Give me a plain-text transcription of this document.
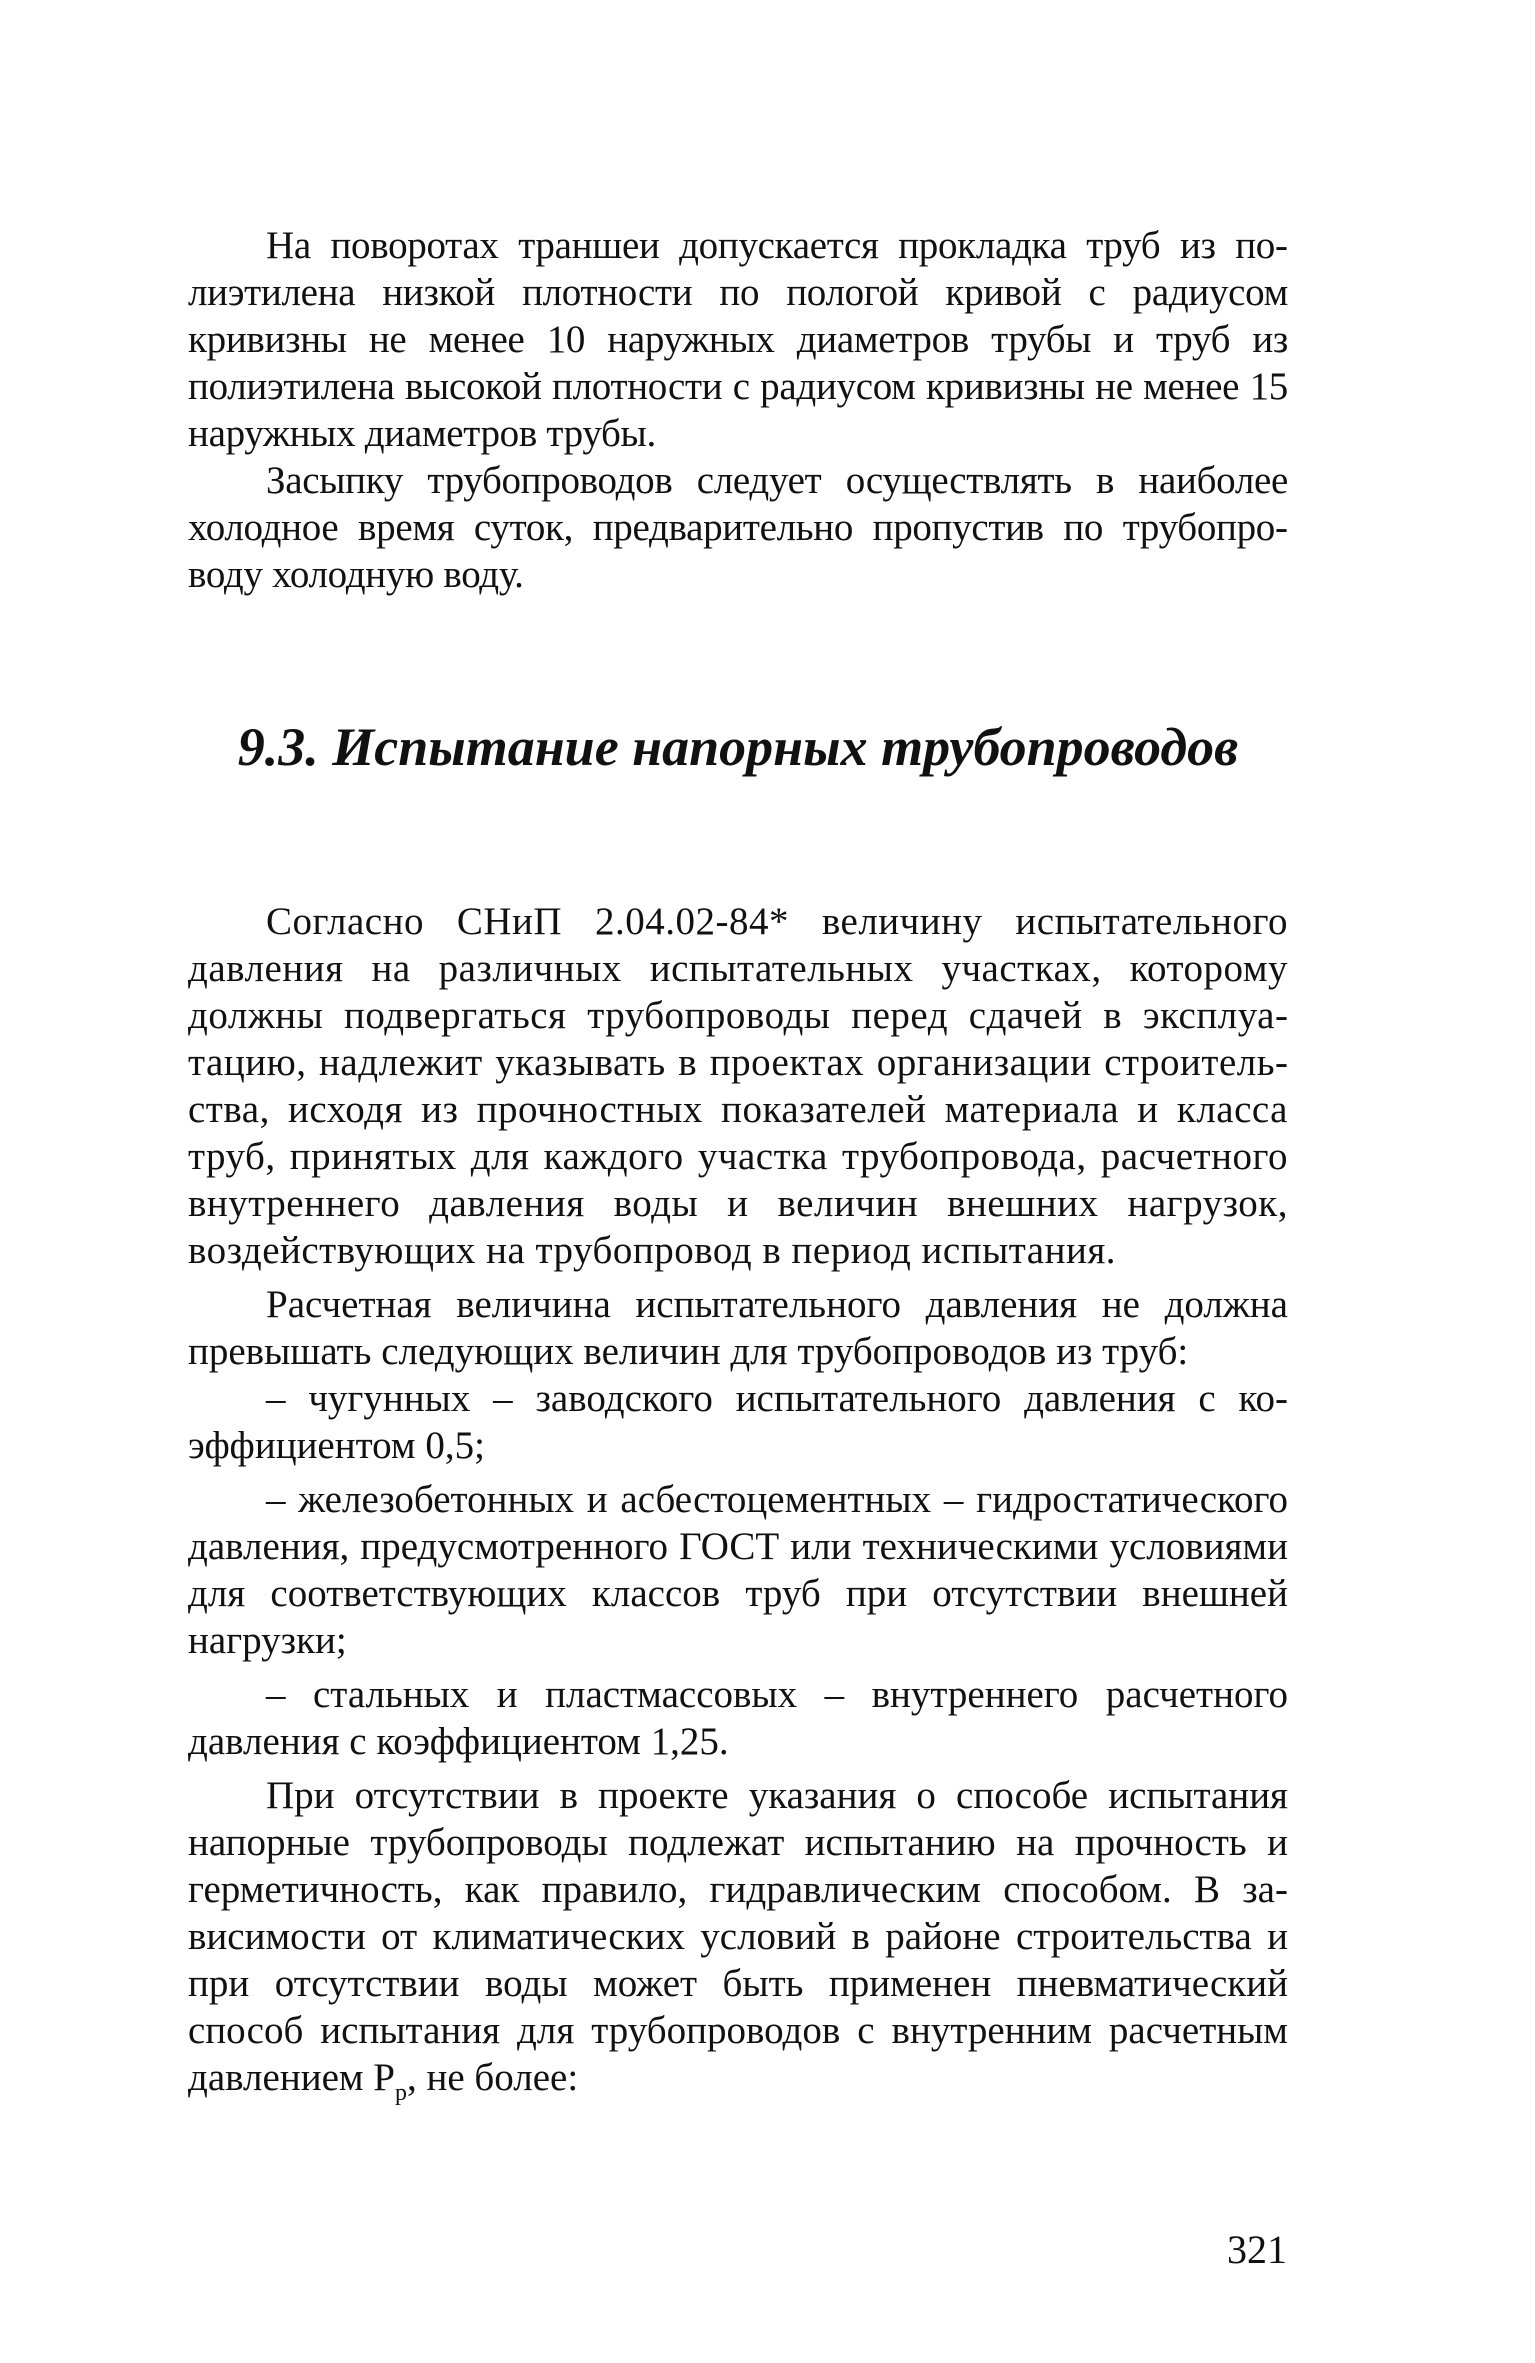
На поворотах траншеи допускается прокладка труб из полиэтилена низкой плотности по пологой кривой с радиусом кривизны не менее 10 наружных диаметров трубы и труб из полиэтилена высокой плотности с радиусом кривизны не менее 15 наружных диаметров трубы.

Засыпку трубопроводов следует осуществлять в наиболее холодное время суток, предварительно пропустив по трубопроводу холодную воду.

9.3. Испытание напорных трубопроводов

Согласно СНиП 2.04.02-84* величину испытательного давления на различных испытательных участках, которому должны подвергаться трубопроводы перед сдачей в эксплуатацию, надлежит указывать в проектах организации строительства, исходя из прочностных показателей материала и класса труб, принятых для каждого участка трубопровода, расчетного внутреннего давления воды и величин внешних нагрузок, воздействующих на трубопровод в период испытания.

Расчетная величина испытательного давления не должна превышать следующих величин для трубопроводов из труб:

– чугунных – заводского испытательного давления с коэффициентом 0,5;

– железобетонных и асбестоцементных – гидростатического давления, предусмотренного ГОСТ или техническими условиями для соответствующих классов труб при отсутствии внешней нагрузки;

– стальных и пластмассовых – внутреннего расчетного давления с коэффициентом 1,25.

При отсутствии в проекте указания о способе испытания напорные трубопроводы подлежат испытанию на прочность и герметичность, как правило, гидравлическим способом. В зависимости от климатических условий в районе строительства и при отсутствии воды может быть применен пневматический способ испытания для трубопроводов с внутренним расчетным давлением $Р_р$, не более:

321
